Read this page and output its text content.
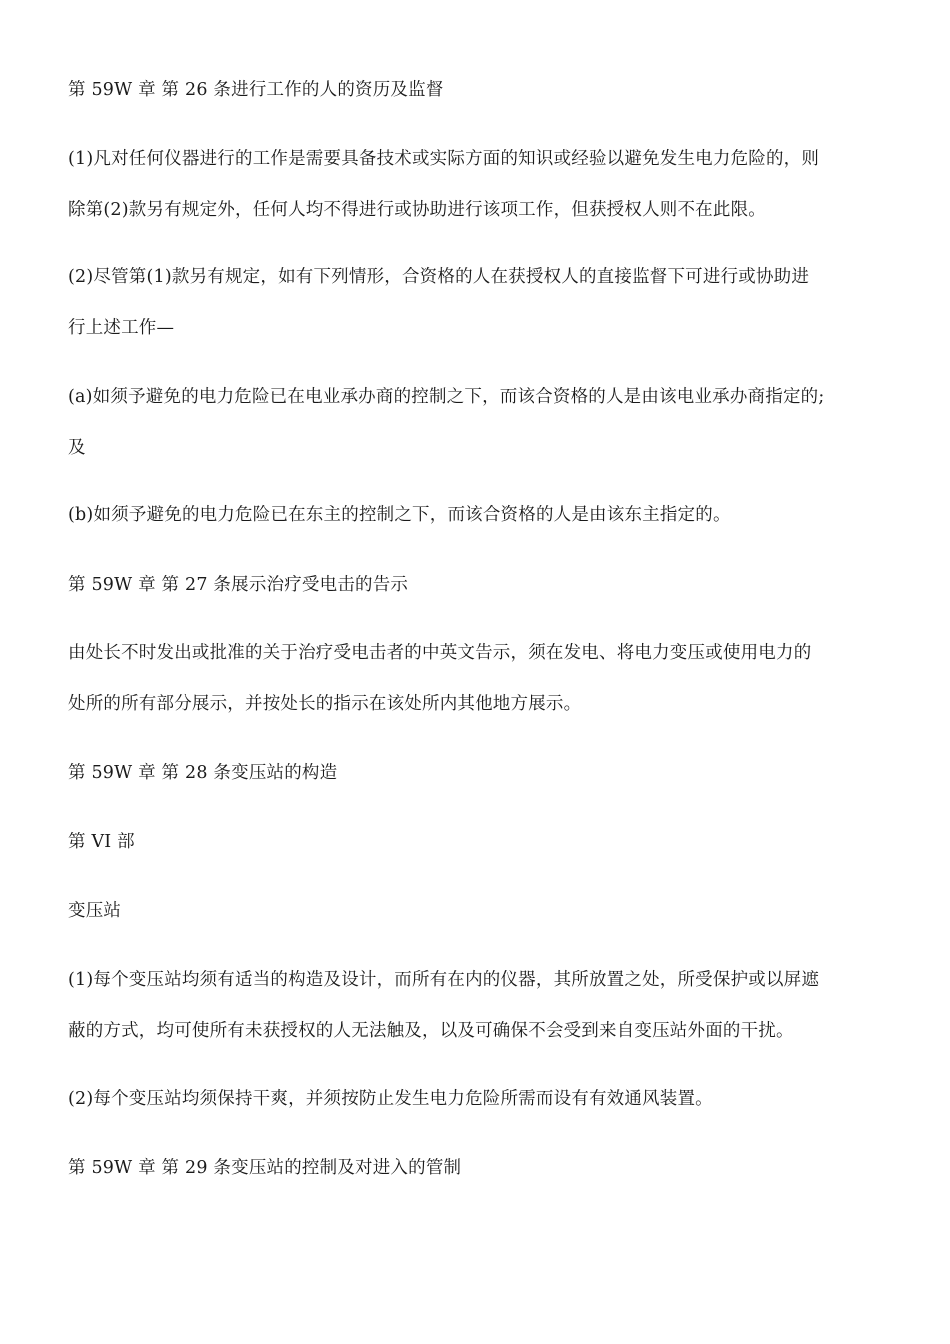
第 59W 章 第 26 条进行工作的人的资历及监督

(1)凡对任何仪器进行的工作是需要具备技术或实际方面的知识或经验以避免发生电力危险的，则

除第(2)款另有规定外，任何人均不得进行或协助进行该项工作，但获授权人则不在此限。

(2)尽管第(1)款另有规定，如有下列情形，合资格的人在获授权人的直接监督下可进行或协助进

行上述工作—

(a)如须予避免的电力危险已在电业承办商的控制之下，而该合资格的人是由该电业承办商指定的;

及

(b)如须予避免的电力危险已在东主的控制之下，而该合资格的人是由该东主指定的。

第 59W 章 第 27 条展示治疗受电击的告示

由处长不时发出或批准的关于治疗受电击者的中英文告示，须在发电、将电力变压或使用电力的

处所的所有部分展示，并按处长的指示在该处所内其他地方展示。

第 59W 章 第 28 条变压站的构造

第 VI 部

变压站

(1)每个变压站均须有适当的构造及设计，而所有在内的仪器，其所放置之处，所受保护或以屏遮

蔽的方式，均可使所有未获授权的人无法触及，以及可确保不会受到来自变压站外面的干扰。

(2)每个变压站均须保持干爽，并须按防止发生电力危险所需而设有有效通风装置。

第 59W 章 第 29 条变压站的控制及对进入的管制
